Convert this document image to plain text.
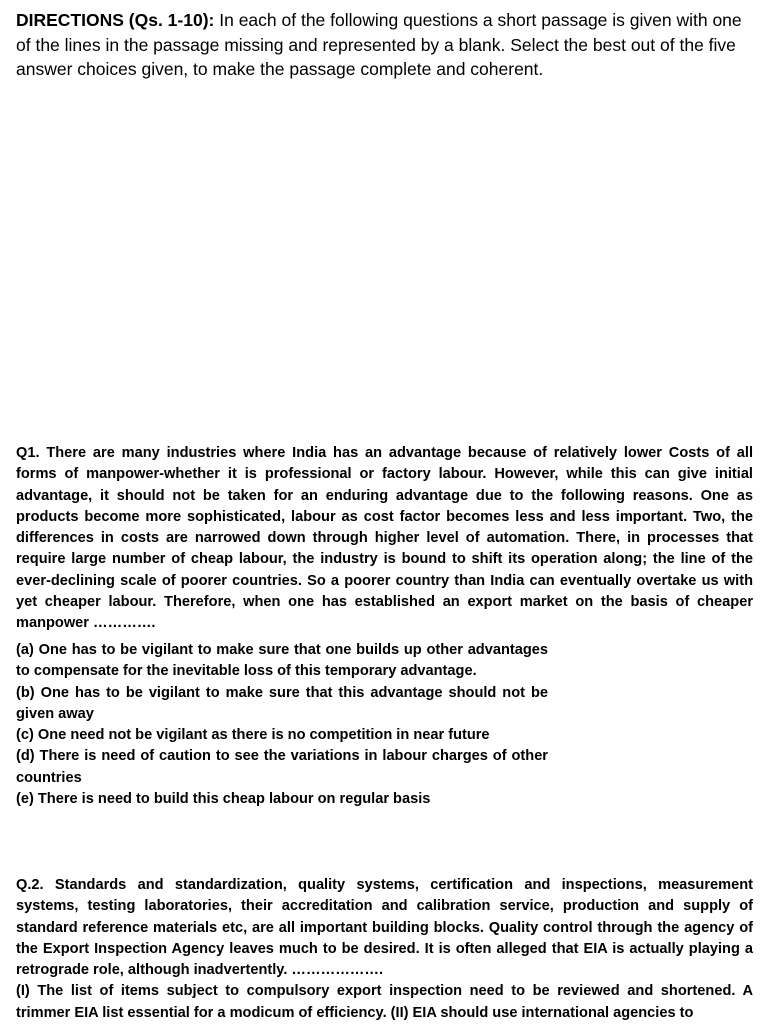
DIRECTIONS (Qs. 1-10): In each of the following questions a short passage is given with one of the lines in the passage missing and represented by a blank. Select the best out of the five answer choices given, to make the passage complete and coherent.

Q1. There are many industries where India has an advantage because of relatively lower Costs of all forms of manpower-whether it is professional or factory labour. However, while this can give initial advantage, it should not be taken for an enduring advantage due to the following reasons. One as products become more sophisticated, labour as cost factor becomes less and less important. Two, the differences in costs are narrowed down through higher level of automation. There, in processes that require large number of cheap labour, the industry is bound to shift its operation along; the line of the ever-declining scale of poorer countries. So a poorer country than India can eventually overtake us with yet cheaper labour. Therefore, when one has established an export market on the basis of cheaper manpower ………….

(a) One has to be vigilant to make sure that one builds up other advantages to compensate for the inevitable loss of this temporary advantage.
(b) One has to be vigilant to make sure that this advantage should not be given away
(c) One need not be vigilant as there is no competition in near future
(d) There is need of caution to see the variations in labour charges of other countries
(e) There is need to build this cheap labour on regular basis
Q.2. Standards and standardization, quality systems, certification and inspections, measurement systems, testing laboratories, their accreditation and calibration service, production and supply of standard reference materials etc, are all important building blocks. Quality control through the agency of the Export Inspection Agency leaves much to be desired. It is often alleged that EIA is actually playing a retrograde role, although inadvertently. ……………….
(I) The list of items subject to compulsory export inspection need to be reviewed and shortened. A trimmer EIA list essential for a modicum of efficiency. (II) EIA should use international agencies to
